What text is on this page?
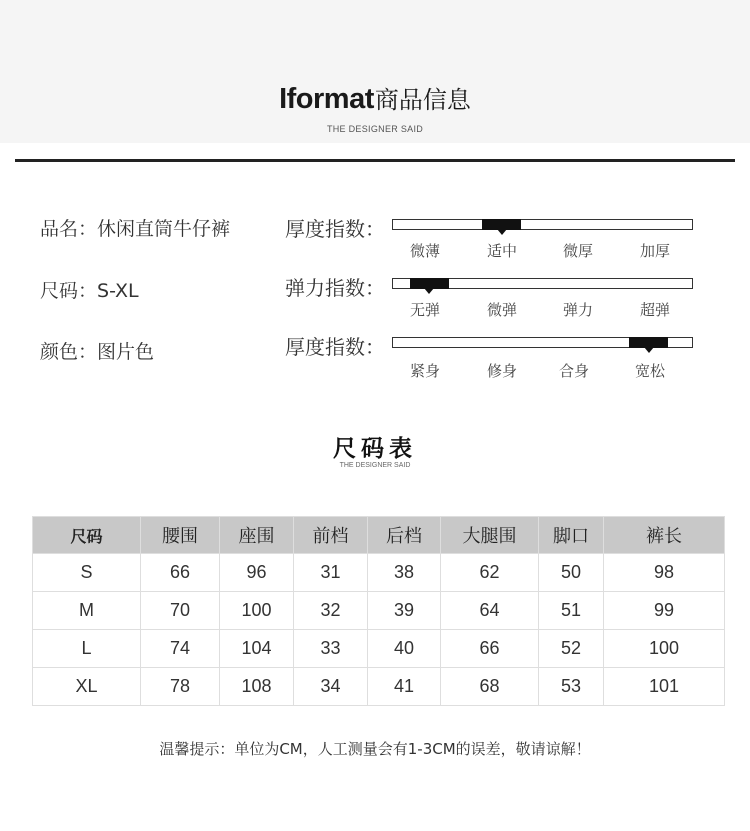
Iformat商品信息
THE DESIGNER SAID
品名：休闲直筒牛仔裤
尺码：S-XL
颜色：图片色
厚度指数：
微薄	适中	微厚	加厚
弹力指数：
无弹	微弹	弹力	超弹
厚度指数：
紧身	修身	合身	宽松
尺码表
THE DESIGNER SAID
尺码	腰围	座围	前档	后档	大腿围	脚口	裤长
S	66	96	31	38	62	50	98
M	70	100	32	39	64	51	99
L	74	104	33	40	66	52	100
XL	78	108	34	41	68	53	101
温馨提示：单位为CM，人工测量会有1-3CM的误差，敬请谅解！
